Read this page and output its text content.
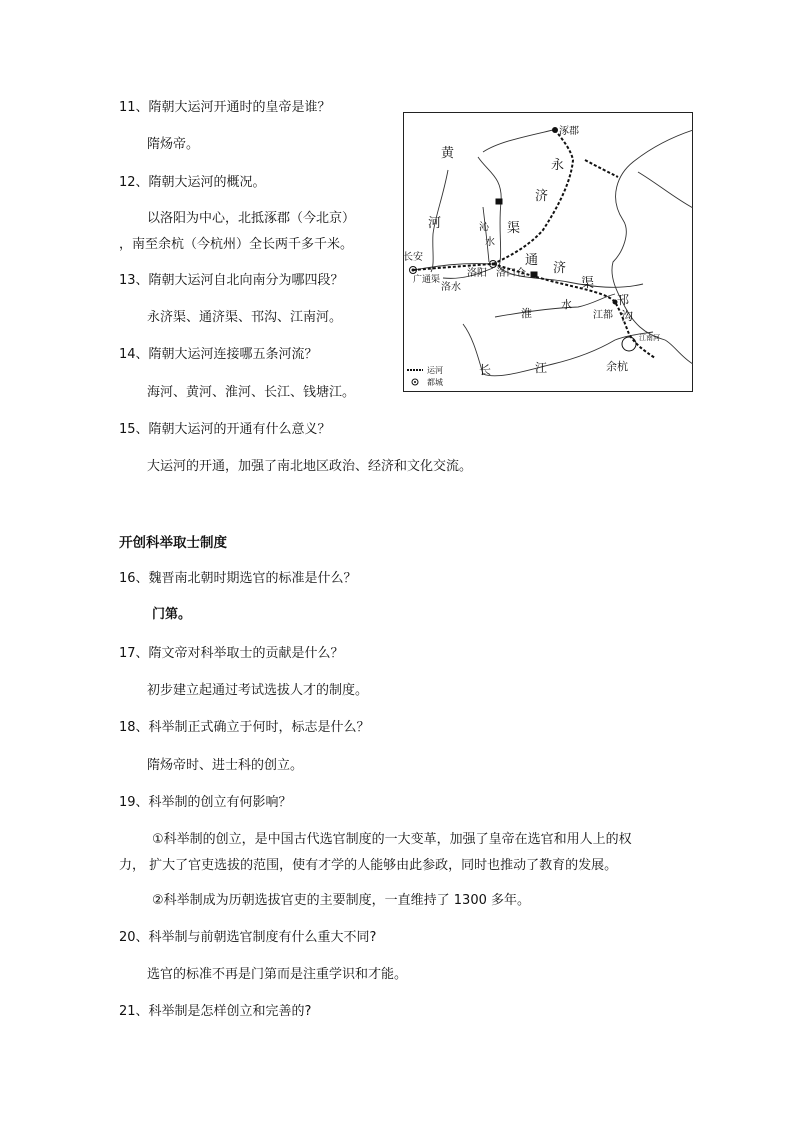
11、隋朝大运河开通时的皇帝是谁？
隋炀帝。
12、隋朝大运河的概况。
以洛阳为中心，北抵涿郡（今北京）
，南至余杭（今杭州）全长两千多千米。
13、隋朝大运河自北向南分为哪四段？
永济渠、通济渠、邗沟、江南河。
14、隋朝大运河连接哪五条河流？
海河、黄河、淮河、长江、钱塘江。
15、隋朝大运河的开通有什么意义？
大运河的开通，加强了南北地区政治、经济和文化交流。
涿郡
黄
河
永
济
渠
沁
水
长安
广通渠
洛阳 洛口仓
通
济
渠
洛水
淮
水	邗
沟
江都
江南河
长	江	余杭
运河
都城
开创科举取士制度
16、魏晋南北朝时期选官的标准是什么？
门第。
17、隋文帝对科举取士的贡献是什么？
初步建立起通过考试选拔人才的制度。
18、科举制正式确立于何时，标志是什么？
隋炀帝时、进士科的创立。
19、科举制的创立有何影响？
①科举制的创立，是中国古代选官制度的一大变革，加强了皇帝在选官和用人上的权
力， 扩大了官吏选拔的范围，使有才学的人能够由此参政，同时也推动了教育的发展。
②科举制成为历朝选拔官吏的主要制度，一直维持了 1300 多年。
20、科举制与前朝选官制度有什么重大不同?
选官的标准不再是门第而是注重学识和才能。
21、科举制是怎样创立和完善的?
